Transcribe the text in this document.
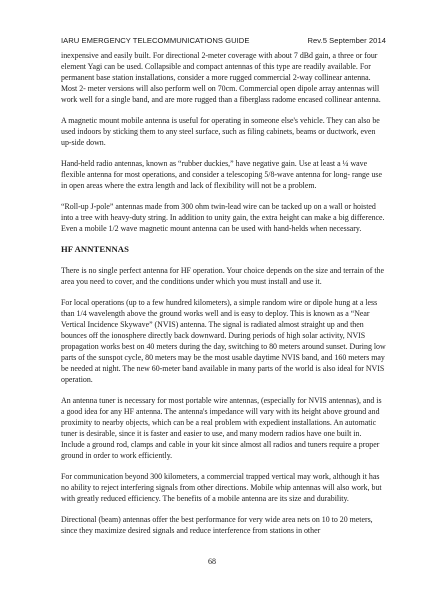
IARU EMERGENCY TELECOMMUNICATIONS GUIDE	Rev.5 September 2014

inexpensive and easily built. For directional 2-meter coverage with about 7 dBd gain, a three or four element Yagi can be used. Collapsible and compact antennas of this type are readily available. For permanent base station installations, consider a more rugged commercial 2-way collinear antenna. Most 2- meter versions will also perform well on 70cm. Commercial open dipole array antennas will work well for a single band, and are more rugged than a fiberglass radome encased collinear antenna.

A magnetic mount mobile antenna is useful for operating in someone else's vehicle. They can also be used indoors by sticking them to any steel surface, such as filing cabinets, beams or ductwork, even up-side down.

Hand-held radio antennas, known as “rubber duckies,” have negative gain. Use at least a ¼ wave flexible antenna for most operations, and consider a telescoping 5/8-wave antenna for long- range use in open areas where the extra length and lack of flexibility will not be a problem.

“Roll-up J-pole” antennas made from 300 ohm twin-lead wire can be tacked up on a wall or hoisted into a tree with heavy-duty string. In addition to unity gain, the extra height can make a big difference. Even a mobile 1/2 wave magnetic mount antenna can be used with hand-helds when necessary.

HF ANNTENNAS

There is no single perfect antenna for HF operation. Your choice depends on the size and terrain of the area you need to cover, and the conditions under which you must install and use it.

For local operations (up to a few hundred kilometers), a simple random wire or dipole hung at a less than 1/4 wavelength above the ground works well and is easy to deploy. This is known as a “Near Vertical Incidence Skywave” (NVIS) antenna. The signal is radiated almost straight up and then bounces off the ionosphere directly back downward. During periods of high solar activity, NVIS propagation works best on 40 meters during the day, switching to 80 meters around sunset. During low parts of the sunspot cycle, 80 meters may be the most usable daytime NVIS band, and 160 meters may be needed at night. The new 60-meter band available in many parts of the world is also ideal for NVIS operation.

An antenna tuner is necessary for most portable wire antennas, (especially for NVIS antennas), and is a good idea for any HF antenna. The antenna's impedance will vary with its height above ground and proximity to nearby objects, which can be a real problem with expedient installations. An automatic tuner is desirable, since it is faster and easier to use, and many modern radios have one built in. Include a ground rod, clamps and cable in your kit since almost all radios and tuners require a proper ground in order to work efficiently.

For communication beyond 300 kilometers, a commercial trapped vertical may work, although it has no ability to reject interfering signals from other directions. Mobile whip antennas will also work, but with greatly reduced efficiency. The benefits of a mobile antenna are its size and durability.

Directional (beam) antennas offer the best performance for very wide area nets on 10 to 20 meters, since they maximize desired signals and reduce interference from stations in other

68
